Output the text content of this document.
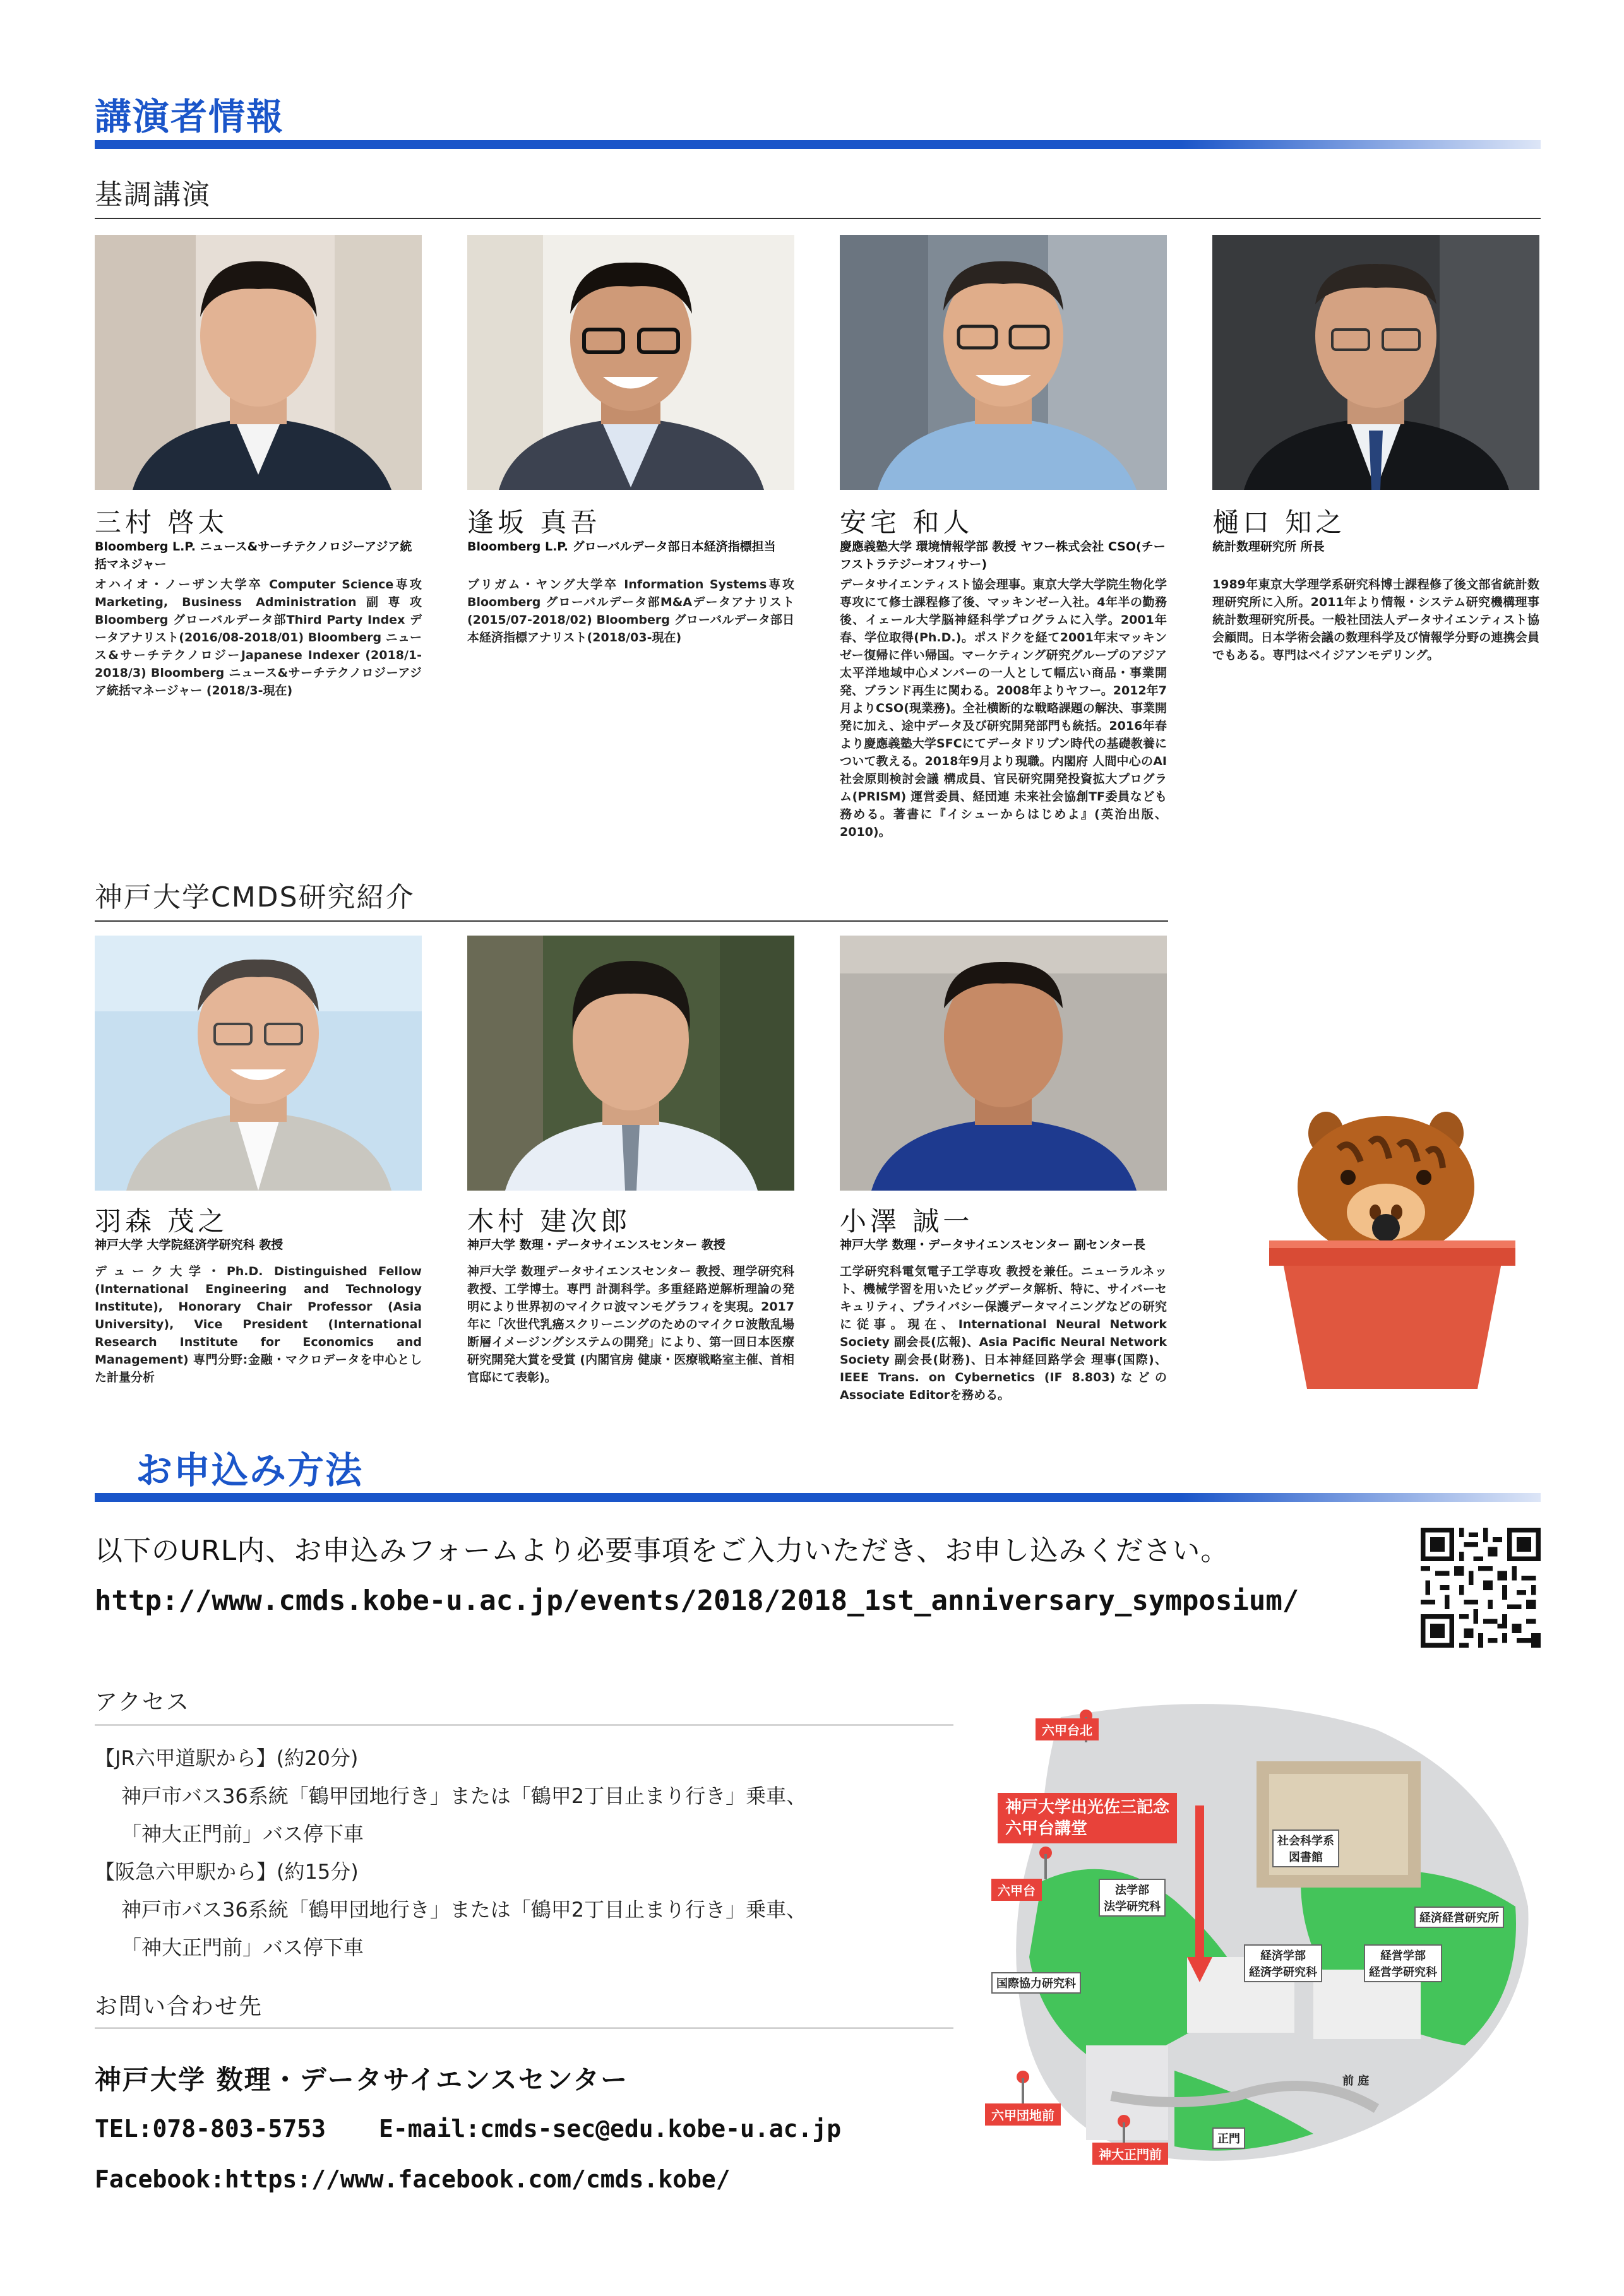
講演者情報
基調講演
三村 啓太
Bloomberg L.P. ニュース&サーチテクノロジーアジア統括マネジャー
オハイオ・ノーザン大学卒 Computer Science専攻 Marketing, Business Administration副専攻 Bloomberg グローバルデータ部Third Party Index データアナリスト(2016/08-2018/01) Bloomberg ニュース&サーチテクノロジーJapanese Indexer (2018/1-2018/3) Bloomberg ニュース&サーチテクノロジーアジア統括マネージャー (2018/3-現在)
逢坂 真吾
Bloomberg L.P. グローバルデータ部日本経済指標担当
ブリガム・ヤング大学卒 Information Systems専攻 Bloomberg グローバルデータ部M&Aデータアナリスト(2015/07-2018/02) Bloomberg グローバルデータ部日本経済指標アナリスト(2018/03-現在)
安宅 和人
慶應義塾大学 環境情報学部 教授 ヤフー株式会社 CSO(チーフストラテジーオフィサー)
データサイエンティスト協会理事。東京大学大学院生物化学専攻にて修士課程修了後、マッキンゼー入社。4年半の勤務後、イェール大学脳神経科学プログラムに入学。2001年春、学位取得(Ph.D.)。ポスドクを経て2001年末マッキンゼー復帰に伴い帰国。マーケティング研究グループのアジア太平洋地域中心メンバーの一人として幅広い商品・事業開発、ブランド再生に関わる。2008年よりヤフー。2012年7月よりCSO(現業務)。全社横断的な戦略課題の解決、事業開発に加え、途中データ及び研究開発部門も統括。2016年春より慶應義塾大学SFCにてデータドリブン時代の基礎教養について教える。2018年9月より現職。内閣府 人間中心のAI社会原則検討会議 構成員、官民研究開発投資拡大プログラム(PRISM) 運営委員、経団連 未来社会協創TF委員なども務める。著書に『イシューからはじめよ』(英治出版、2010)。
樋口 知之
統計数理研究所 所長
1989年東京大学理学系研究科博士課程修了後文部省統計数理研究所に入所。2011年より情報・システム研究機構理事 統計数理研究所長。一般社団法人データサイエンティスト協会顧問。日本学術会議の数理科学及び情報学分野の連携会員でもある。専門はベイジアンモデリング。
神戸大学CMDS研究紹介
羽森 茂之
神戸大学 大学院経済学研究科 教授
デューク大学・Ph.D. Distinguished Fellow (International Engineering and Technology Institute), Honorary Chair Professor (Asia University), Vice President (International Research Institute for Economics and Management) 専門分野:金融・マクロデータを中心とした計量分析
木村 建次郎
神戸大学 数理・データサイエンスセンター 教授
神戸大学 数理データサイエンスセンター 教授、理学研究科教授、工学博士。専門 計測科学。多重経路逆解析理論の発明により世界初のマイクロ波マンモグラフィを実現。2017年に「次世代乳癌スクリーニングのためのマイクロ波散乱場断層イメージングシステムの開発」により、第一回日本医療研究開発大賞を受賞 (内閣官房 健康・医療戦略室主催、首相官邸にて表彰)。
小澤 誠一
神戸大学 数理・データサイエンスセンター 副センター長
工学研究科電気電子工学専攻 教授を兼任。ニューラルネット、機械学習を用いたビッグデータ解析、特に、サイバーセキュリティ、プライバシー保護データマイニングなどの研究に従事。現在、International Neural Network Society 副会長(広報)、Asia Pacific Neural Network Society 副会長(財務)、日本神経回路学会 理事(国際)、IEEE Trans. on Cybernetics (IF 8.803)などのAssociate Editorを務める。
お申込み方法
以下のURL内、お申込みフォームより必要事項をご入力いただき、お申し込みください。
http://www.cmds.kobe-u.ac.jp/events/2018/2018_1st_anniversary_symposium/
アクセス
【JR六甲道駅から】(約20分)
神戸市バス36系統「鶴甲団地行き」または「鶴甲2丁目止まり行き」乗車、
「神大正門前」バス停下車
【阪急六甲駅から】(約15分)
神戸市バス36系統「鶴甲団地行き」または「鶴甲2丁目止まり行き」乗車、
「神大正門前」バス停下車
お問い合わせ先
神戸大学 数理・データサイエンスセンター
TEL:078-803-5753 E-mail:cmds-sec@edu.kobe-u.ac.jp
Facebook:https://www.facebook.com/cmds.kobe/
六甲台北
神戸大学出光佐三記念
六甲台講堂
六甲台
六甲団地前
神大正門前
社会科学系
図書館
法学部
法学研究科
経済経営研究所
経済学部
経済学研究科
経営学部
経営学研究科
国際協力研究科
前 庭
正門
